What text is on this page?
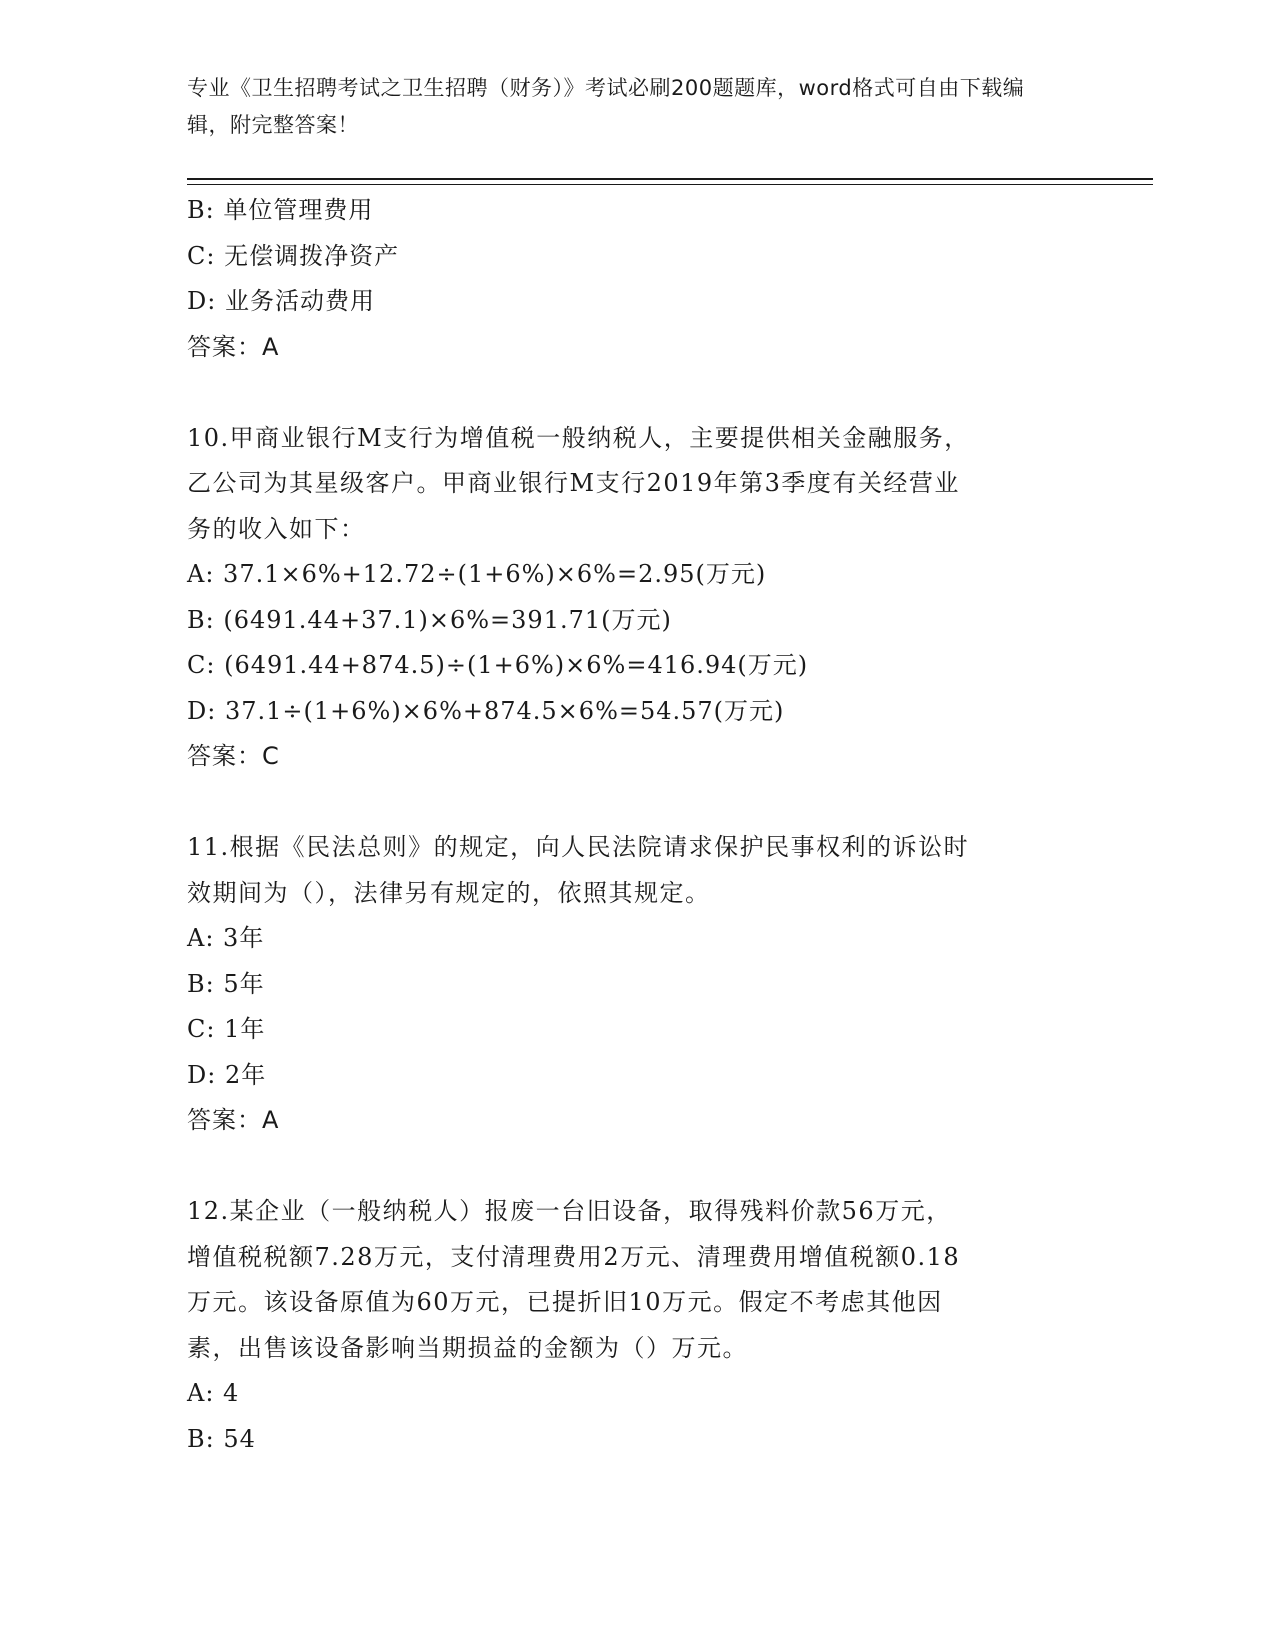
专业《卫生招聘考试之卫生招聘（财务）》考试必刷200题题库，word格式可自由下载编辑，附完整答案！
B: 单位管理费用
C: 无偿调拨净资产
D: 业务活动费用
答案：A
10.甲商业银行M支行为增值税一般纳税人，主要提供相关金融服务，
乙公司为其星级客户。甲商业银行M支行2019年第3季度有关经营业
务的收入如下：
A: 37.1×6%+12.72÷(1+6%)×6%=2.95(万元)
B: (6491.44+37.1)×6%=391.71(万元)
C: (6491.44+874.5)÷(1+6%)×6%=416.94(万元)
D: 37.1÷(1+6%)×6%+874.5×6%=54.57(万元)
答案：C
11.根据《民法总则》的规定，向人民法院请求保护民事权利的诉讼时
效期间为（），法律另有规定的，依照其规定。
A: 3年
B: 5年
C: 1年
D: 2年
答案：A
12.某企业（一般纳税人）报废一台旧设备，取得残料价款56万元，
增值税税额7.28万元，支付清理费用2万元、清理费用增值税额0.18
万元。该设备原值为60万元，已提折旧10万元。假定不考虑其他因
素，出售该设备影响当期损益的金额为（）万元。
A: 4
B: 54
